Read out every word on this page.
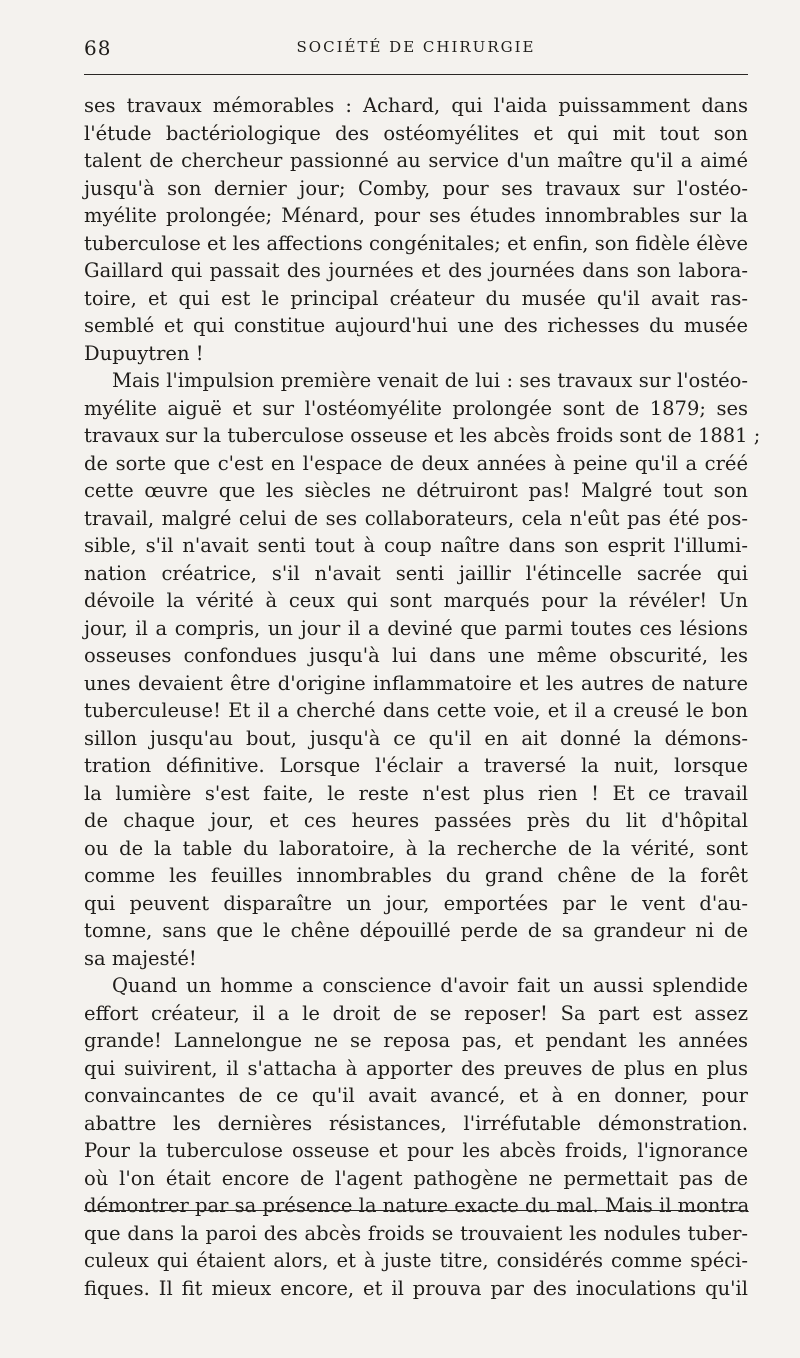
68	SOCIÉTÉ DE CHIRURGIE
ses travaux mémorables : Achard, qui l'aida puissamment dans
l'étude bactériologique des ostéomyélites et qui mit tout son
talent de chercheur passionné au service d'un maître qu'il a aimé
jusqu'à son dernier jour; Comby, pour ses travaux sur l'ostéo-
myélite prolongée; Ménard, pour ses études innombrables sur la
tuberculose et les affections congénitales; et enfin, son fidèle élève
Gaillard qui passait des journées et des journées dans son labora-
toire, et qui est le principal créateur du musée qu'il avait ras-
semblé et qui constitue aujourd'hui une des richesses du musée
Dupuytren !
Mais l'impulsion première venait de lui : ses travaux sur l'ostéo-
myélite aiguë et sur l'ostéomyélite prolongée sont de 1879; ses
travaux sur la tuberculose osseuse et les abcès froids sont de 1881 ;
de sorte que c'est en l'espace de deux années à peine qu'il a créé
cette œuvre que les siècles ne détruiront pas! Malgré tout son
travail, malgré celui de ses collaborateurs, cela n'eût pas été pos-
sible, s'il n'avait senti tout à coup naître dans son esprit l'illumi-
nation créatrice, s'il n'avait senti jaillir l'étincelle sacrée qui
dévoile la vérité à ceux qui sont marqués pour la révéler! Un
jour, il a compris, un jour il a deviné que parmi toutes ces lésions
osseuses confondues jusqu'à lui dans une même obscurité, les
unes devaient être d'origine inflammatoire et les autres de nature
tuberculeuse! Et il a cherché dans cette voie, et il a creusé le bon
sillon jusqu'au bout, jusqu'à ce qu'il en ait donné la démons-
tration définitive. Lorsque l'éclair a traversé la nuit, lorsque
la lumière s'est faite, le reste n'est plus rien ! Et ce travail
de chaque jour, et ces heures passées près du lit d'hôpital
ou de la table du laboratoire, à la recherche de la vérité, sont
comme les feuilles innombrables du grand chêne de la forêt
qui peuvent disparaître un jour, emportées par le vent d'au-
tomne, sans que le chêne dépouillé perde de sa grandeur ni de
sa majesté!
Quand un homme a conscience d'avoir fait un aussi splendide
effort créateur, il a le droit de se reposer! Sa part est assez
grande! Lannelongue ne se reposa pas, et pendant les années
qui suivirent, il s'attacha à apporter des preuves de plus en plus
convaincantes de ce qu'il avait avancé, et à en donner, pour
abattre les dernières résistances, l'irréfutable démonstration.
Pour la tuberculose osseuse et pour les abcès froids, l'ignorance
où l'on était encore de l'agent pathogène ne permettait pas de
démontrer par sa présence la nature exacte du mal. Mais il montra
que dans la paroi des abcès froids se trouvaient les nodules tuber-
culeux qui étaient alors, et à juste titre, considérés comme spéci-
fiques. Il fit mieux encore, et il prouva par des inoculations qu'il
